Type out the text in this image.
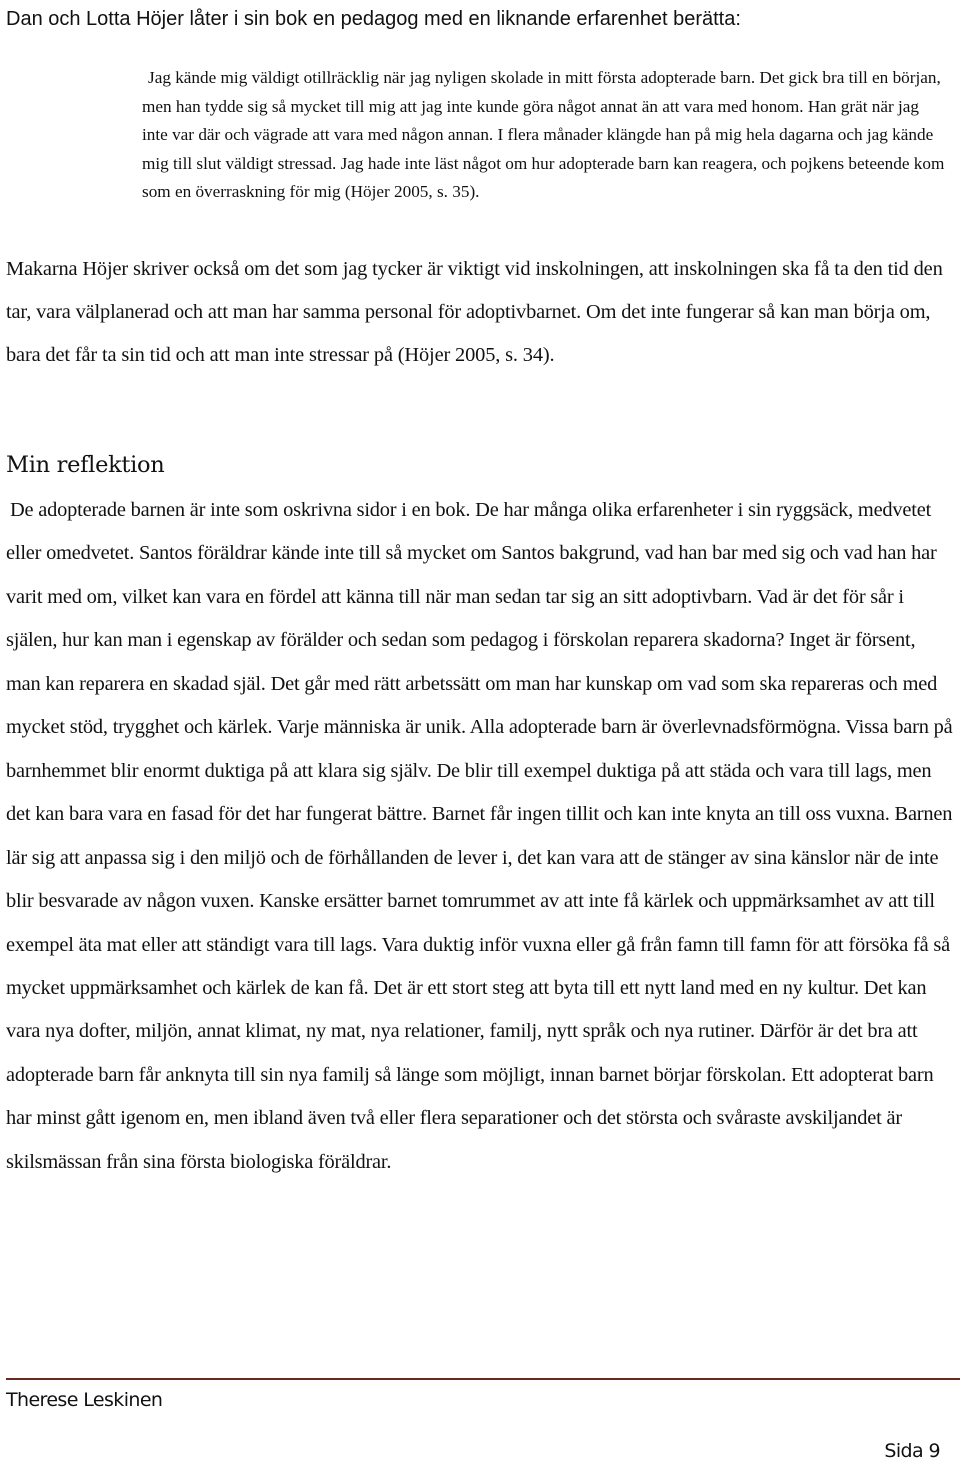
Dan och Lotta Höjer låter i sin bok en pedagog med en liknande erfarenhet berätta:

Jag kände mig väldigt otillräcklig när jag nyligen skolade in mitt första adopterade barn. Det gick bra till en början, men han tydde sig så mycket till mig att jag inte kunde göra något annat än att vara med honom. Han grät när jag inte var där och vägrade att vara med någon annan. I flera månader klängde han på mig hela dagarna och jag kände mig till slut väldigt stressad. Jag hade inte läst något om hur adopterade barn kan reagera, och pojkens beteende kom som en överraskning för mig (Höjer 2005, s. 35).

Makarna Höjer skriver också om det som jag tycker är viktigt vid inskolningen, att inskolningen ska få ta den tid den tar, vara välplanerad och att man har samma personal för adoptivbarnet. Om det inte fungerar så kan man börja om, bara det får ta sin tid och att man inte stressar på (Höjer 2005, s. 34).

Min reflektion

De adopterade barnen är inte som oskrivna sidor i en bok. De har många olika erfarenheter i sin ryggsäck, medvetet eller omedvetet. Santos föräldrar kände inte till så mycket om Santos bakgrund, vad han bar med sig och vad han har varit med om, vilket kan vara en fördel att känna till när man sedan tar sig an sitt adoptivbarn. Vad är det för sår i själen, hur kan man i egenskap av förälder och sedan som pedagog i förskolan reparera skadorna? Inget är försent, man kan reparera en skadad själ. Det går med rätt arbetssätt om man har kunskap om vad som ska repareras och med mycket stöd, trygghet och kärlek. Varje människa är unik. Alla adopterade barn är överlevnadsförmögna. Vissa barn på barnhemmet blir enormt duktiga på att klara sig själv. De blir till exempel duktiga på att städa och vara till lags, men det kan bara vara en fasad för det har fungerat bättre. Barnet får ingen tillit och kan inte knyta an till oss vuxna. Barnen lär sig att anpassa sig i den miljö och de förhållanden de lever i, det kan vara att de stänger av sina känslor när de inte blir besvarade av någon vuxen. Kanske ersätter barnet tomrummet av att inte få kärlek och uppmärksamhet av att till exempel äta mat eller att ständigt vara till lags. Vara duktig inför vuxna eller gå från famn till famn för att försöka få så mycket uppmärksamhet och kärlek de kan få. Det är ett stort steg att byta till ett nytt land med en ny kultur. Det kan vara nya dofter, miljön, annat klimat, ny mat, nya relationer, familj, nytt språk och nya rutiner. Därför är det bra att adopterade barn får anknyta till sin nya familj så länge som möjligt, innan barnet börjar förskolan. Ett adopterat barn har minst gått igenom en, men ibland även två eller flera separationer och det största och svåraste avskiljandet är skilsmässan från sina första biologiska föräldrar.

Therese Leskinen

Sida 9
